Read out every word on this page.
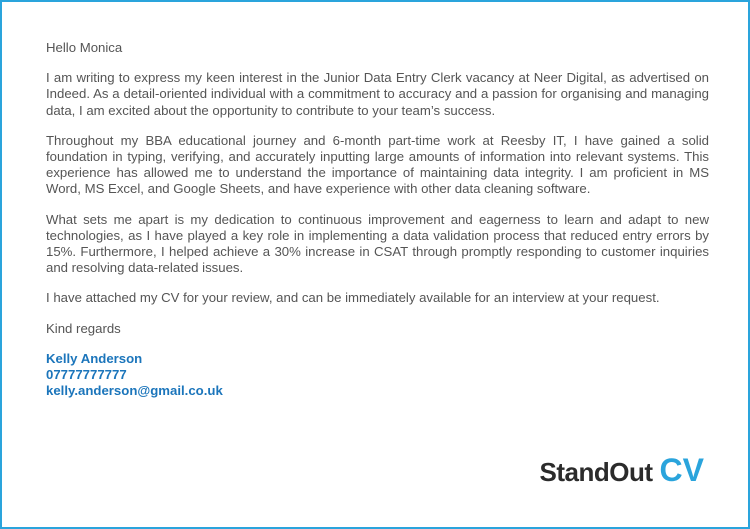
Hello Monica

I am writing to express my keen interest in the Junior Data Entry Clerk vacancy at Neer Digital, as advertised on Indeed. As a detail-oriented individual with a commitment to accuracy and a passion for organising and managing data, I am excited about the opportunity to contribute to your team’s success.

Throughout my BBA educational journey and 6-month part-time work at Reesby IT, I have gained a solid foundation in typing, verifying, and accurately inputting large amounts of information into relevant systems. This experience has allowed me to understand the importance of maintaining data integrity. I am proficient in MS Word, MS Excel, and Google Sheets, and have experience with other data cleaning software.

What sets me apart is my dedication to continuous improvement and eagerness to learn and adapt to new technologies, as I have played a key role in implementing a data validation process that reduced entry errors by 15%. Furthermore, I helped achieve a 30% increase in CSAT through promptly responding to customer inquiries and resolving data-related issues.

I have attached my CV for your review, and can be immediately available for an interview at your request.

Kind regards

Kelly Anderson
07777777777
kelly.anderson@gmail.co.uk
StandOut CV
